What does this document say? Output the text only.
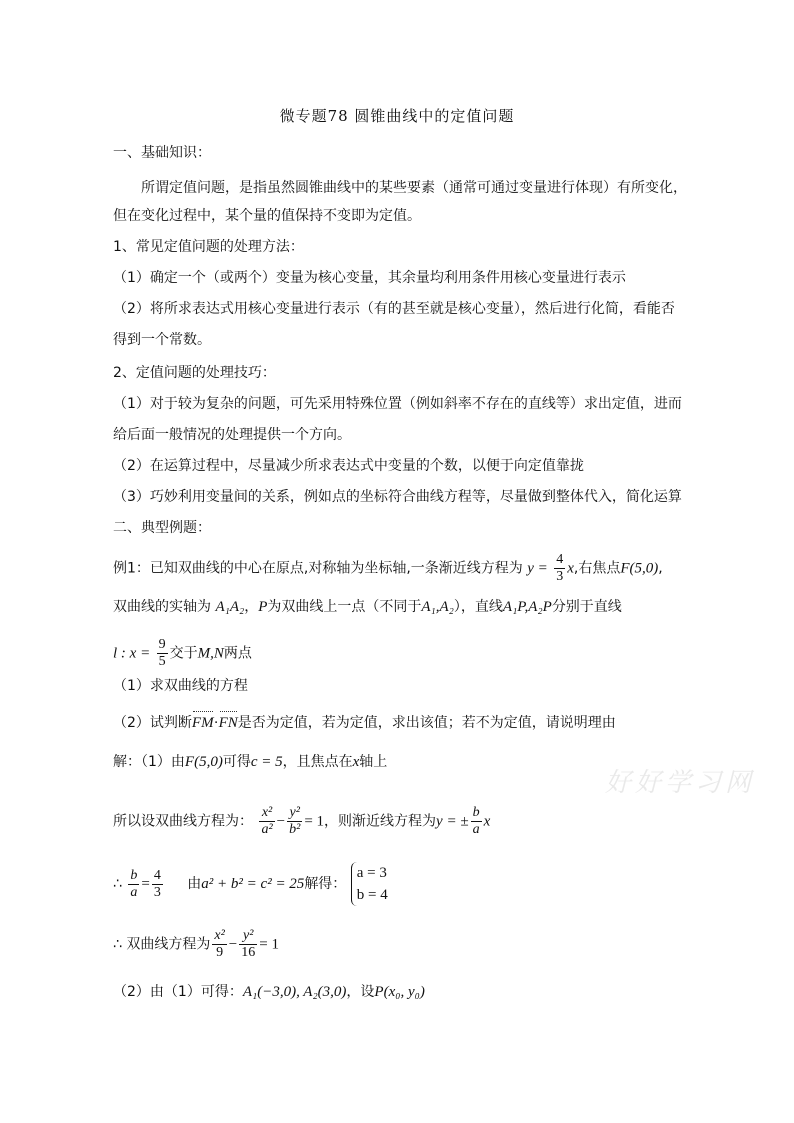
微专题78 圆锥曲线中的定值问题
一、基础知识：
所谓定值问题，是指虽然圆锥曲线中的某些要素（通常可通过变量进行体现）有所变化，
但在变化过程中，某个量的值保持不变即为定值。
1、常见定值问题的处理方法：
（1）确定一个（或两个）变量为核心变量，其余量均利用条件用核心变量进行表示
（2）将所求表达式用核心变量进行表示（有的甚至就是核心变量），然后进行化简，看能否
得到一个常数。
2、定值问题的处理技巧：
（1）对于较为复杂的问题，可先采用特殊位置（例如斜率不存在的直线等）求出定值，进而
给后面一般情况的处理提供一个方向。
（2）在运算过程中，尽量减少所求表达式中变量的个数，以便于向定值靠拢
（3）巧妙利用变量间的关系，例如点的坐标符合曲线方程等，尽量做到整体代入，简化运算
二、典型例题：
例1：已知双曲线的中心在原点,对称轴为坐标轴,一条渐近线方程为 $y = \frac{4}{3} x$,右焦点F(5,0),
双曲线的实轴为 A₁A₂，P为双曲线上一点（不同于A₁,A₂），直线A₁P,A₂P分别于直线
l : $x = \frac{9}{5}$ 交于M,N两点
（1）求双曲线的方程
（2）试判断FM·FN是否为定值，若为定值，求出该值；若不为定值，请说明理由
解：（1）由F(5,0)可得c = 5，且焦点在x轴上
所以设双曲线方程为： $\frac{\text{x²}}{\text{a²}} - \frac{\text{y²}}{\text{b²}} = 1$，则渐近线方程为y = ± $\frac{b}{a}$ x
∴ $\frac{b}{a} = \frac{4}{3}$ 由a² + b² = c² = 25解得：
a = 3
b = 4
∴ 双曲线方程为 $\frac{\text{x²}}{9} - \frac{\text{y²}}{16} = 1$
（2）由（1）可得：A₁(−3,0), A₂(3,0)，设P(x₀, y₀)
好好学习网
